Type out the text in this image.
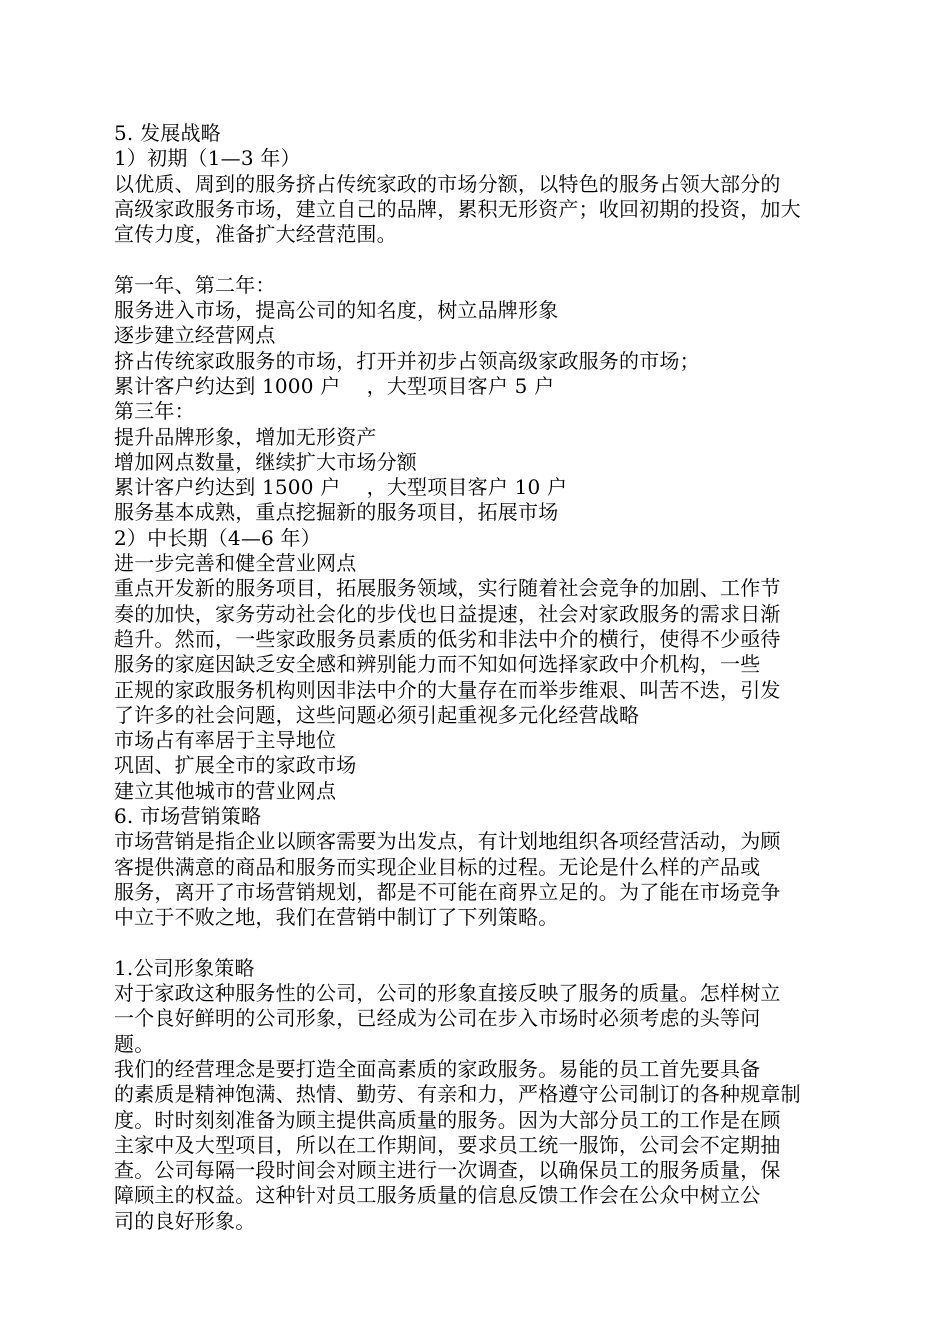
5. 发展战略
1）初期（1—3 年）
以优质、周到的服务挤占传统家政的市场分额，以特色的服务占领大部分的
高级家政服务市场，建立自己的品牌，累积无形资产；收回初期的投资，加大
宣传力度，准备扩大经营范围。
第一年、第二年：
服务进入市场，提高公司的知名度，树立品牌形象
逐步建立经营网点
挤占传统家政服务的市场，打开并初步占领高级家政服务的市场；
累计客户约达到 1000 户    ，大型项目客户 5 户
第三年：
提升品牌形象，增加无形资产
增加网点数量，继续扩大市场分额
累计客户约达到 1500 户    ，大型项目客户 10 户
服务基本成熟，重点挖掘新的服务项目，拓展市场
2）中长期（4—6 年）
进一步完善和健全营业网点
重点开发新的服务项目，拓展服务领域，实行随着社会竞争的加剧、工作节
奏的加快，家务劳动社会化的步伐也日益提速，社会对家政服务的需求日渐
趋升。然而，一些家政服务员素质的低劣和非法中介的横行，使得不少亟待
服务的家庭因缺乏安全感和辨别能力而不知如何选择家政中介机构，一些
正规的家政服务机构则因非法中介的大量存在而举步维艰、叫苦不迭，引发
了许多的社会问题，这些问题必须引起重视多元化经营战略
市场占有率居于主导地位
巩固、扩展全市的家政市场
建立其他城市的营业网点
6. 市场营销策略
市场营销是指企业以顾客需要为出发点，有计划地组织各项经营活动，为顾
客提供满意的商品和服务而实现企业目标的过程。无论是什么样的产品或
服务，离开了市场营销规划，都是不可能在商界立足的。为了能在市场竞争
中立于不败之地，我们在营销中制订了下列策略。
1.公司形象策略
对于家政这种服务性的公司，公司的形象直接反映了服务的质量。怎样树立
一个良好鲜明的公司形象，已经成为公司在步入市场时必须考虑的头等问
题。
我们的经营理念是要打造全面高素质的家政服务。易能的员工首先要具备
的素质是精神饱满、热情、勤劳、有亲和力，严格遵守公司制订的各种规章制
度。时时刻刻准备为顾主提供高质量的服务。因为大部分员工的工作是在顾
主家中及大型项目，所以在工作期间，要求员工统一服饰，公司会不定期抽
查。公司每隔一段时间会对顾主进行一次调查，以确保员工的服务质量，保
障顾主的权益。这种针对员工服务质量的信息反馈工作会在公众中树立公
司的良好形象。
